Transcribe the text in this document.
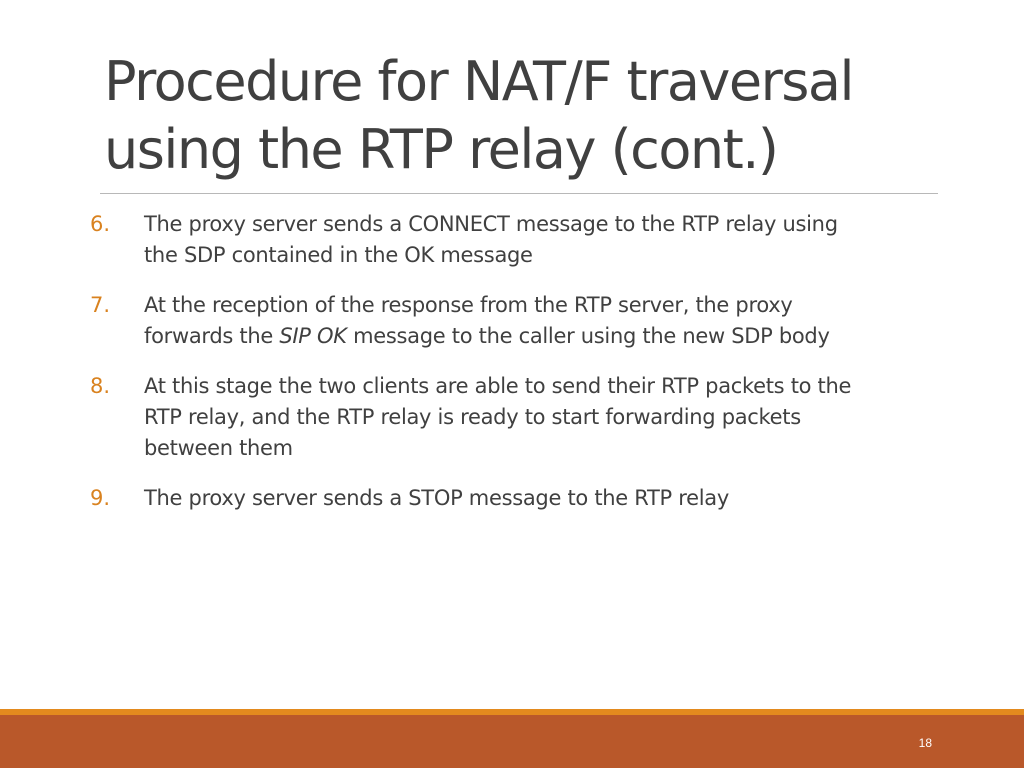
Procedure for NAT/F traversal
using the RTP relay (cont.)
6.	The proxy server sends a CONNECT message to the RTP relay using
the SDP contained in the OK message
7.	At the reception of the response from the RTP server, the proxy
forwards the SIP OK message to the caller using the new SDP body
8.	At this stage the two clients are able to send their RTP packets to the
RTP relay, and the RTP relay is ready to start forwarding packets
between them
9.	The proxy server sends a STOP message to the RTP relay
18
